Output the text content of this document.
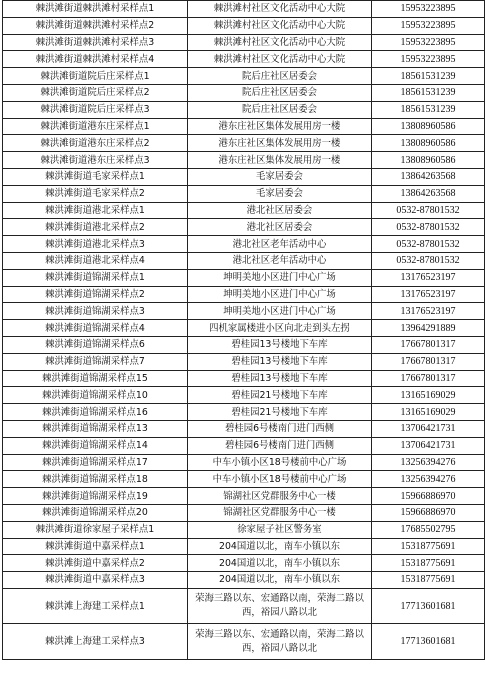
棘洪滩街道棘洪滩村采样点1	棘洪滩村社区文化活动中心大院	15953223895
棘洪滩街道棘洪滩村采样点2	棘洪滩村社区文化活动中心大院	15953223895
棘洪滩街道棘洪滩村采样点3	棘洪滩村社区文化活动中心大院	15953223895
棘洪滩街道棘洪滩村采样点4	棘洪滩村社区文化活动中心大院	15953223895
棘洪滩街道院后庄采样点1	院后庄社区居委会	18561531239
棘洪滩街道院后庄采样点2	院后庄社区居委会	18561531239
棘洪滩街道院后庄采样点3	院后庄社区居委会	18561531239
棘洪滩街道港东庄采样点1	港东庄社区集体发展用房一楼	13808960586
棘洪滩街道港东庄采样点2	港东庄社区集体发展用房一楼	13808960586
棘洪滩街道港东庄采样点3	港东庄社区集体发展用房一楼	13808960586
棘洪滩街道毛家采样点1	毛家居委会	13864263568
棘洪滩街道毛家采样点2	毛家居委会	13864263568
棘洪滩街道港北采样点1	港北社区居委会	0532-87801532
棘洪滩街道港北采样点2	港北社区居委会	0532-87801532
棘洪滩街道港北采样点3	港北社区老年活动中心	0532-87801532
棘洪滩街道港北采样点4	港北社区老年活动中心	0532-87801532
棘洪滩街道锦湖采样点1	坤明美地小区进门中心广场	13176523197
棘洪滩街道锦湖采样点2	坤明美地小区进门中心广场	13176523197
棘洪滩街道锦湖采样点3	坤明美地小区进门中心广场	13176523197
棘洪滩街道锦湖采样点4	四机家属楼进小区向北走到头左拐	13964291889
棘洪滩街道锦湖采样点6	碧桂园13号楼地下车库	17667801317
棘洪滩街道锦湖采样点7	碧桂园13号楼地下车库	17667801317
棘洪滩街道锦湖采样点15	碧桂园13号楼地下车库	17667801317
棘洪滩街道锦湖采样点10	碧桂园21号楼地下车库	13165169029
棘洪滩街道锦湖采样点16	碧桂园21号楼地下车库	13165169029
棘洪滩街道锦湖采样点13	碧桂园6号楼南门进门西侧	13706421731
棘洪滩街道锦湖采样点14	碧桂园6号楼南门进门西侧	13706421731
棘洪滩街道锦湖采样点17	中车小镇小区18号楼前中心广场	13256394276
棘洪滩街道锦湖采样点18	中车小镇小区18号楼前中心广场	13256394276
棘洪滩街道锦湖采样点19	锦湖社区党群服务中心一楼	15966886970
棘洪滩街道锦湖采样点20	锦湖社区党群服务中心一楼	15966886970
棘洪滩街道徐家屋子采样点1	徐家屋子社区警务室	17685502795
棘洪滩街道中嘉采样点1	204国道以北，南车小镇以东	15318775691
棘洪滩街道中嘉采样点2	204国道以北，南车小镇以东	15318775691
棘洪滩街道中嘉采样点3	204国道以北，南车小镇以东	15318775691
棘洪滩上海建工采样点1	荣海三路以东、宏通路以南，荣海二路以西，裕园八路以北	17713601681
棘洪滩上海建工采样点3	荣海三路以东、宏通路以南，荣海二路以西，裕园八路以北	17713601681
